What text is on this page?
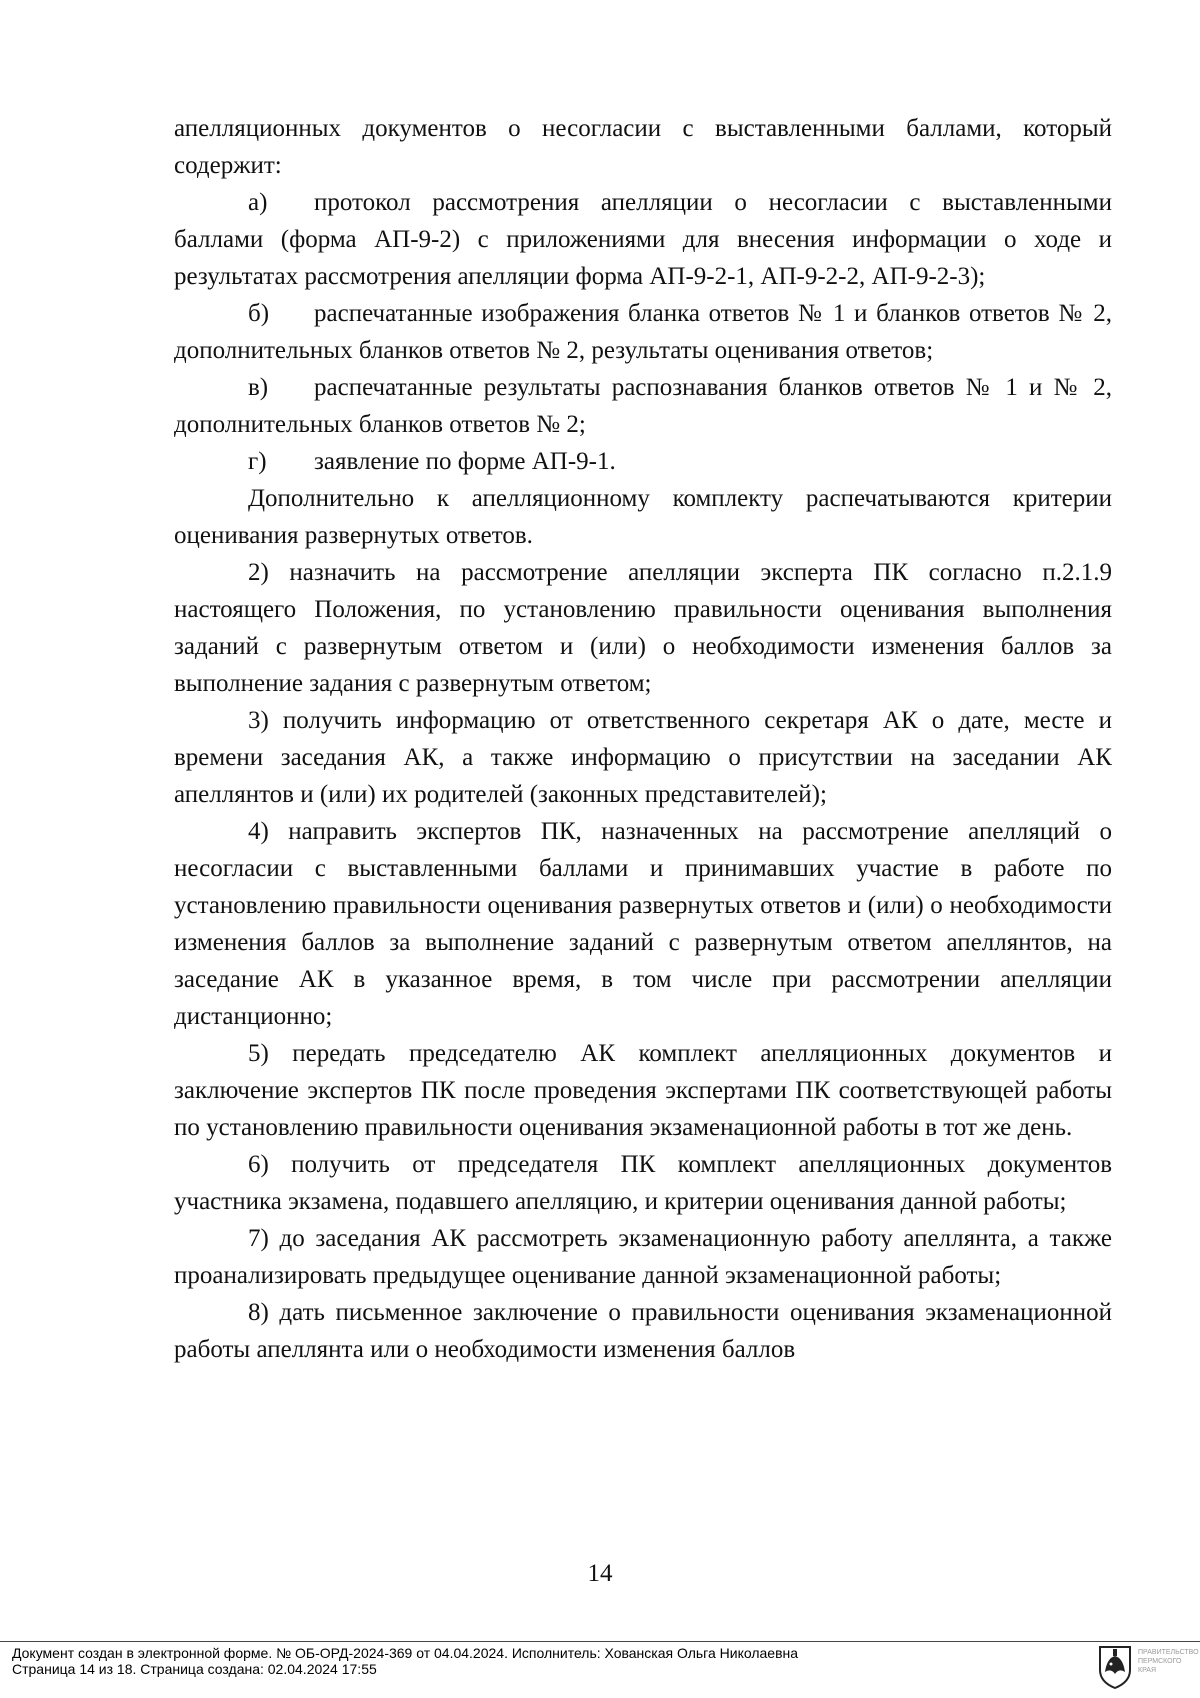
апелляционных документов о несогласии с выставленными баллами, который содержит:

а) протокол рассмотрения апелляции о несогласии с выставленными баллами (форма АП-9-2) с приложениями для внесения информации о ходе и результатах рассмотрения апелляции форма АП-9-2-1, АП-9-2-2, АП-9-2-3);

б) распечатанные изображения бланка ответов № 1 и бланков ответов № 2, дополнительных бланков ответов № 2, результаты оценивания ответов;

в) распечатанные результаты распознавания бланков ответов № 1 и № 2, дополнительных бланков ответов № 2;

г) заявление по форме АП-9-1.

Дополнительно к апелляционному комплекту распечатываются критерии оценивания развернутых ответов.

2) назначить на рассмотрение апелляции эксперта ПК согласно п.2.1.9 настоящего Положения, по установлению правильности оценивания выполнения заданий с развернутым ответом и (или) о необходимости изменения баллов за выполнение задания с развернутым ответом;

3) получить информацию от ответственного секретаря АК о дате, месте и времени заседания АК, а также информацию о присутствии на заседании АК апеллянтов и (или) их родителей (законных представителей);

4) направить экспертов ПК, назначенных на рассмотрение апелляций о несогласии с выставленными баллами и принимавших участие в работе по установлению правильности оценивания развернутых ответов и (или) о необходимости изменения баллов за выполнение заданий с развернутым ответом апеллянтов, на заседание АК в указанное время, в том числе при рассмотрении апелляции дистанционно;

5) передать председателю АК комплект апелляционных документов и заключение экспертов ПК после проведения экспертами ПК соответствующей работы по установлению правильности оценивания экзаменационной работы в тот же день.

6) получить от председателя ПК комплект апелляционных документов участника экзамена, подавшего апелляцию, и критерии оценивания данной работы;

7) до заседания АК рассмотреть экзаменационную работу апеллянта, а также проанализировать предыдущее оценивание данной экзаменационной работы;

8) дать письменное заключение о правильности оценивания экзаменационной работы апеллянта или о необходимости изменения баллов

14
Документ создан в электронной форме. № ОБ-ОРД-2024-369 от 04.04.2024. Исполнитель: Хованская Ольга Николаевна
Страница 14 из 18. Страница создана: 02.04.2024 17:55
ПРАВИТЕЛЬСТВО
ПЕРМСКОГО
КРАЯ
